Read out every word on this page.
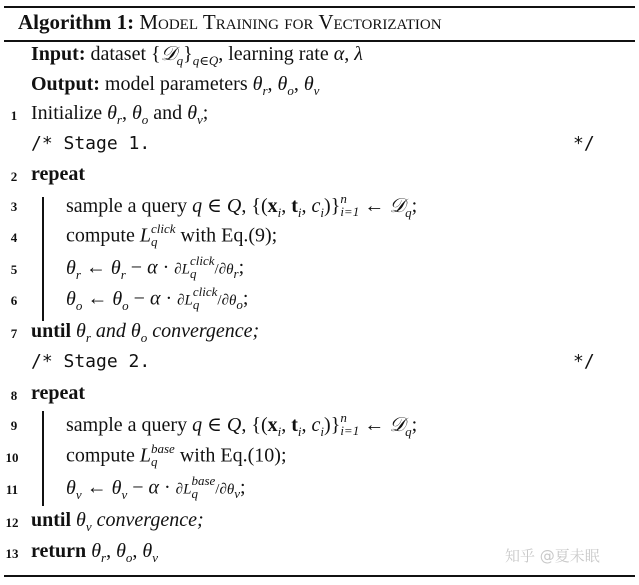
Algorithm 1: Model Training for Vectorization
Input: dataset $\{𝒟_q\}_{q\in Q}$, learning rate α, λ
Output: model parameters $\theta_r$, $\theta_o$, $\theta_v$
1 Initialize $\theta_r$, $\theta_o$ and $\theta_v$;
/* Stage 1.	*/
2 repeat
3	sample a query q ∈ Q, {($x_i$, $t_i$, $c_i$)} n
i=1 ← 𝒟$_q$;
4	compute L click
q	with Eq.(9);
5	$\theta_r$ ← $\theta_r - \alpha \cdot \partial L$
click
q	$/\partial\theta_r$;
6	$\theta_o$ ← $\theta_o - \alpha \cdot \partial L$
click
q	$/\partial\theta_o$;
7 until $\theta_r$ and $\theta_o$ convergence;
/* Stage 2.	*/
8 repeat
9	sample a query q ∈ Q, {($x_i$, $t_i$, $c_i$)} n
i=1 ← 𝒟$_q$;
10 compute L base
q	with Eq.(10);
11 $\theta_v$ ← $\theta_v - \alpha \cdot \partial L$
base
q	$/\partial\theta_v$;
12 until $\theta_v$ convergence;
13 return $\theta_r$, $\theta_o$, $\theta_v$	知乎 @夏未眠
